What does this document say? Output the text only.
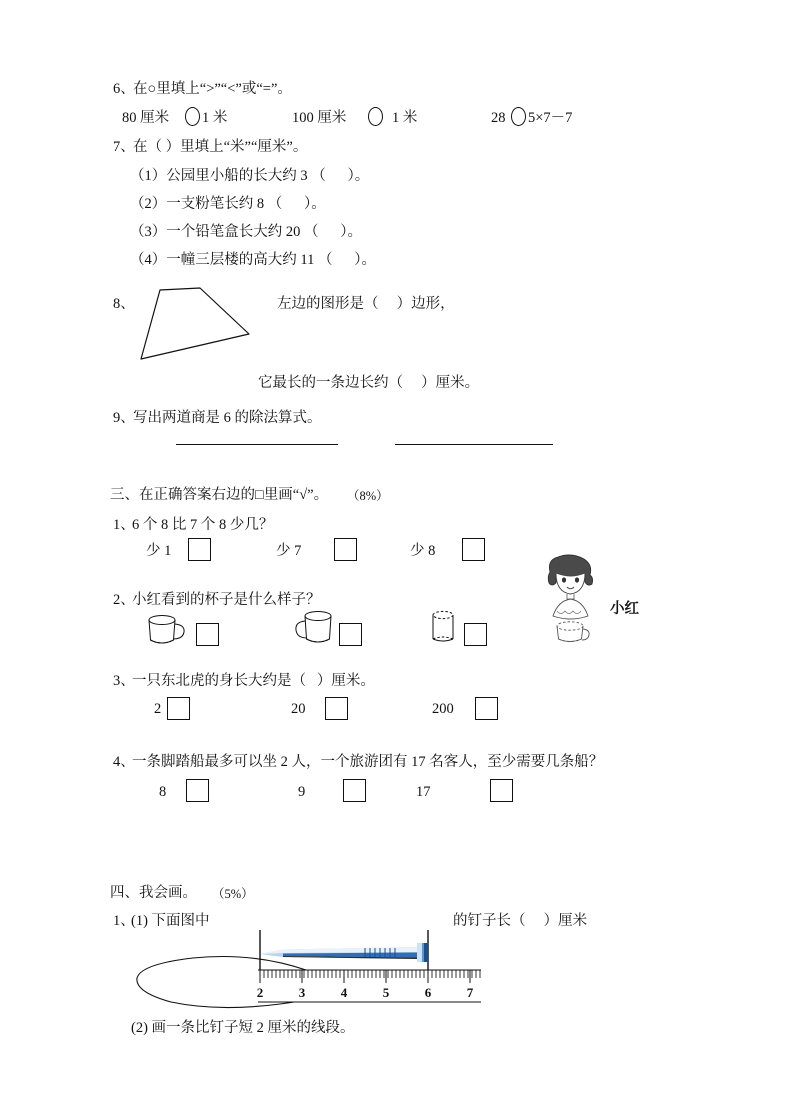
6、
在○里填上“>”“<”或“=”。
80 厘米 1 米	100 厘米	1 米	28 5×7－7
7、
在（ ）里填上“米”“厘米”。
（1）公园里小船的长大约 3 （      ）。
（2）一支粉笔长约 8 （      ）。
（3）一个铅笔盒长大约 20 （      ）。
（4）一幢三层楼的高大约 11 （      ）。
8、	左边的图形是（     ）边形，
它最长的一条边长约（     ）厘米。
9、
写出两道商是 6 的除法算式。
三、在正确答案右边的□里画“√”。 （8%）
1、
6 个 8 比 7 个 8 少几？
少 1	少 7	少 8
2、
小红看到的杯子是什么样子？
小红
3、
一只东北虎的身长大约是（   ）厘米。
2	20	200
4、
一条脚踏船最多可以坐 2 人，一个旅游团有 17 名客人，至少需要几条船？
8	9	17
四、我会画。 （5%）
1、
(1) 下面图中	的钉子长（     ）厘米
2	3	4	5	6	7
(2) 画一条比钉子短 2 厘米的线段。
